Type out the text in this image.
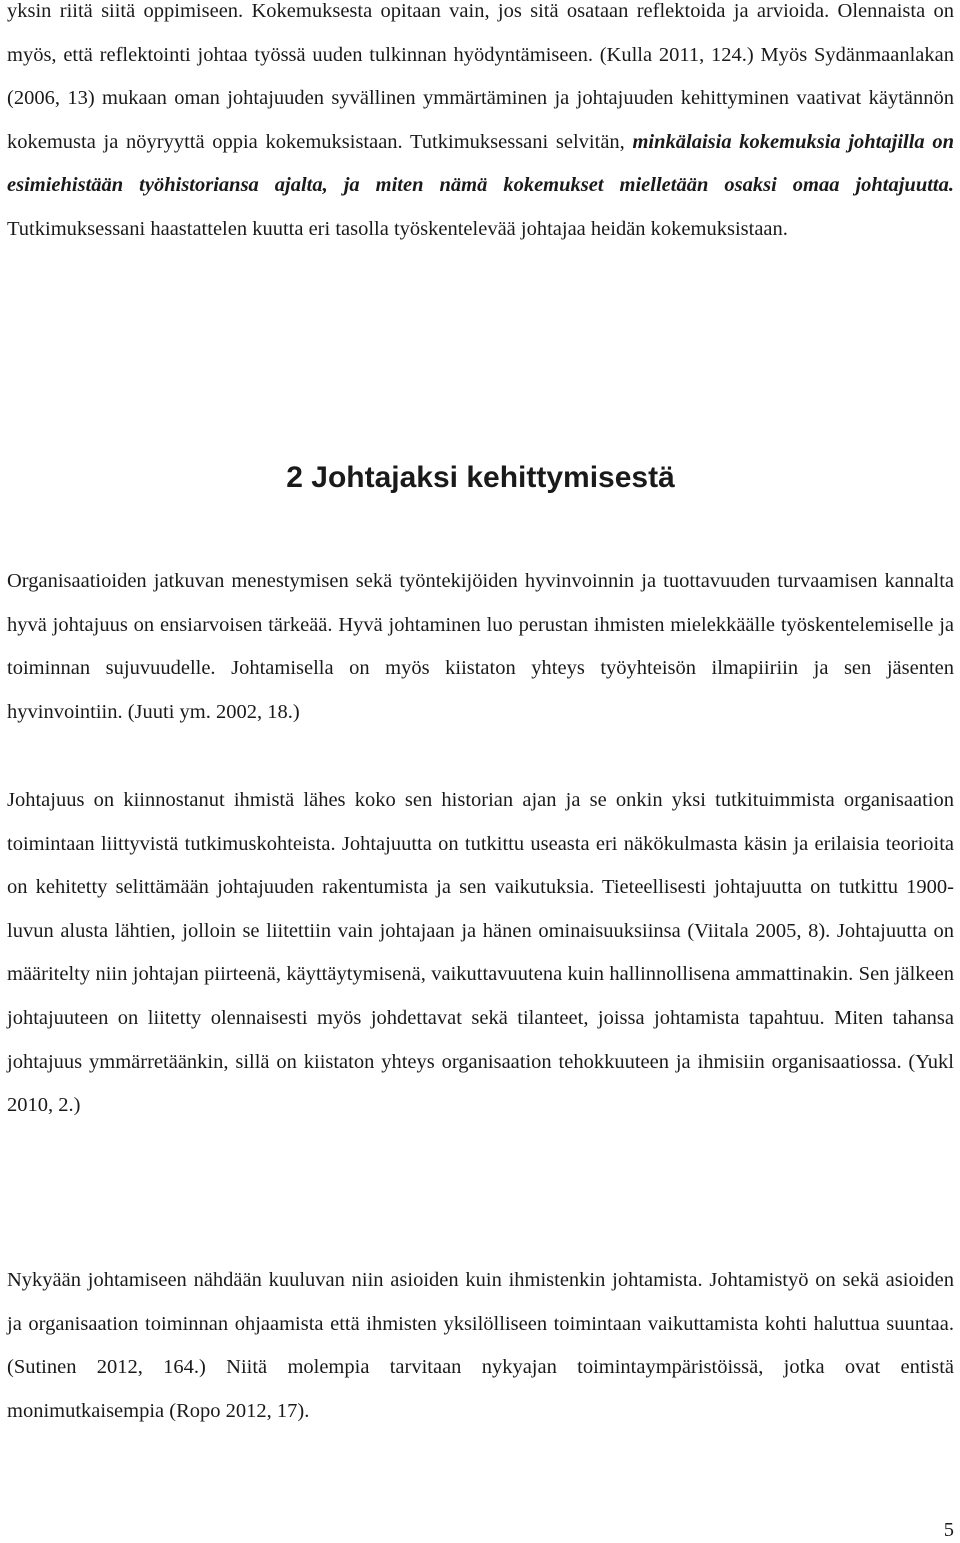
yksin riitä siitä oppimiseen. Kokemuksesta opitaan vain, jos sitä osataan reflektoida ja arvioida. Olennaista on myös, että reflektointi johtaa työssä uuden tulkinnan hyödyntämiseen. (Kulla 2011, 124.) Myös Sydänmaanlakan (2006, 13) mukaan oman johtajuuden syvällinen ymmärtäminen ja johtajuuden kehittyminen vaativat käytännön kokemusta ja nöyryyttä oppia kokemuksistaan. Tutkimuksessani selvitän, minkälaisia kokemuksia johtajilla on esimiehistään työhistoriansa ajalta, ja miten nämä kokemukset mielletään osaksi omaa johtajuutta. Tutkimuksessani haastattelen kuutta eri tasolla työskentelevää johtajaa heidän kokemuksistaan.

2 Johtajaksi kehittymisestä

Organisaatioiden jatkuvan menestymisen sekä työntekijöiden hyvinvoinnin ja tuottavuuden turvaamisen kannalta hyvä johtajuus on ensiarvoisen tärkeää. Hyvä johtaminen luo perustan ihmisten mielekkäälle työskentelemiselle ja toiminnan sujuvuudelle. Johtamisella on myös kiistaton yhteys työyhteisön ilmapiiriin ja sen jäsenten hyvinvointiin. (Juuti ym. 2002, 18.)

Johtajuus on kiinnostanut ihmistä lähes koko sen historian ajan ja se onkin yksi tutkituimmista organisaation toimintaan liittyvistä tutkimuskohteista. Johtajuutta on tutkittu useasta eri näkökulmasta käsin ja erilaisia teorioita on kehitetty selittämään johtajuuden rakentumista ja sen vaikutuksia. Tieteellisesti johtajuutta on tutkittu 1900-luvun alusta lähtien, jolloin se liitettiin vain johtajaan ja hänen ominaisuuksiinsa (Viitala 2005, 8). Johtajuutta on määritelty niin johtajan piirteenä, käyttäytymisenä, vaikuttavuutena kuin hallinnollisena ammattinakin. Sen jälkeen johtajuuteen on liitetty olennaisesti myös johdettavat sekä tilanteet, joissa johtamista tapahtuu. Miten tahansa johtajuus ymmärretäänkin, sillä on kiistaton yhteys organisaation tehokkuuteen ja ihmisiin organisaatiossa. (Yukl 2010, 2.)

Nykyään johtamiseen nähdään kuuluvan niin asioiden kuin ihmistenkin johtamista. Johtamistyö on sekä asioiden ja organisaation toiminnan ohjaamista että ihmisten yksilölliseen toimintaan vaikuttamista kohti haluttua suuntaa. (Sutinen 2012, 164.) Niitä molempia tarvitaan nykyajan toimintaympäristöissä, jotka ovat entistä monimutkaisempia (Ropo 2012, 17).

5
